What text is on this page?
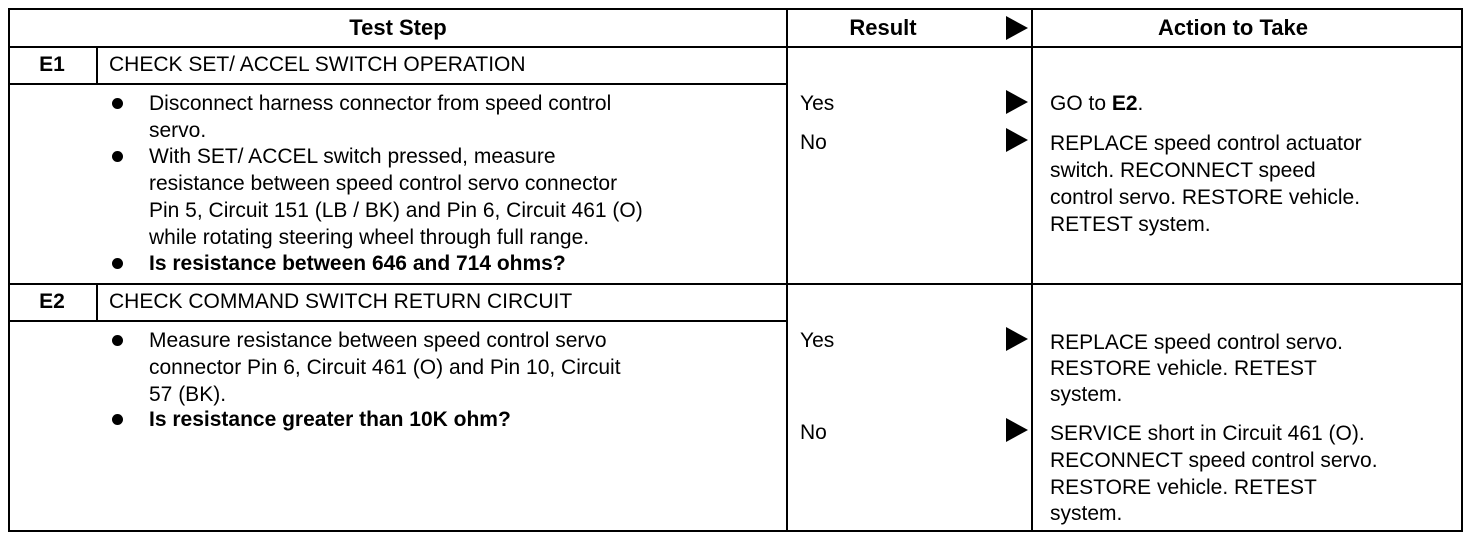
Test Step	Result	Action to Take
E1	CHECK SET/ ACCEL SWITCH OPERATION
Disconnect harness connector from speed control
servo.
With SET/ ACCEL switch pressed, measure
resistance between speed control servo connector
Pin 5, Circuit 151 (LB / BK) and Pin 6, Circuit 461 (O)
while rotating steering wheel through full range.
Is resistance between 646 and 714 ohms?
Yes	GO to E2.
No	REPLACE speed control actuator
switch. RECONNECT speed
control servo. RESTORE vehicle.
RETEST system.
E2	CHECK COMMAND SWITCH RETURN CIRCUIT
Measure resistance between speed control servo
connector Pin 6, Circuit 461 (O) and Pin 10, Circuit
57 (BK).
Is resistance greater than 10K ohm?
Yes	REPLACE speed control servo.
RESTORE vehicle. RETEST
system.
No	SERVICE short in Circuit 461 (O).
RECONNECT speed control servo.
RESTORE vehicle. RETEST
system.
